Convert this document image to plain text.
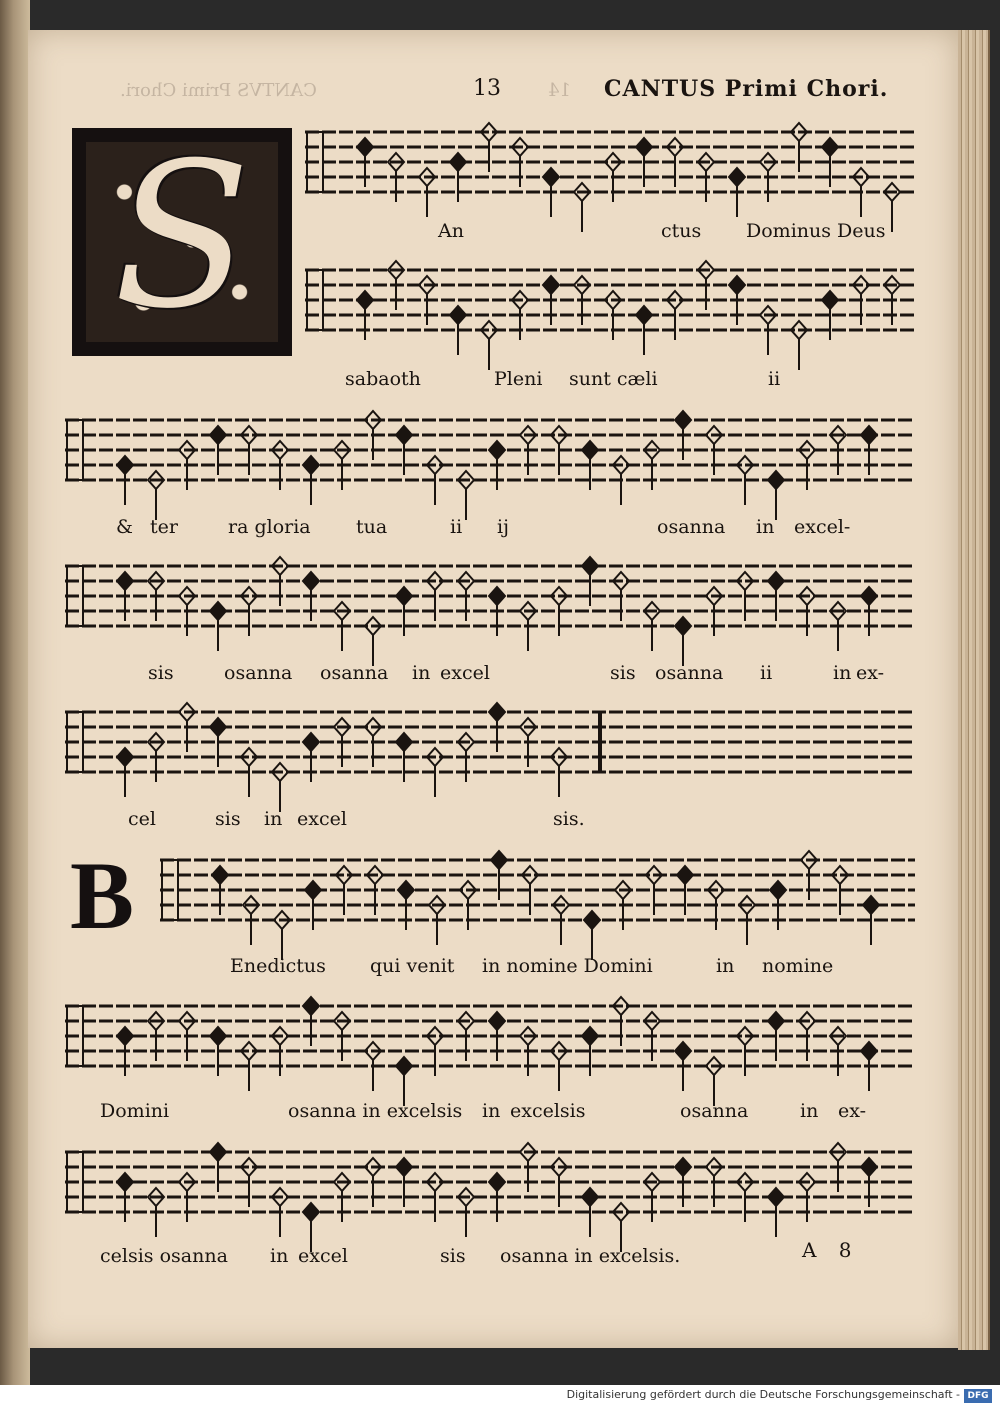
14
CANTVS Primi Chori.	13	CANTUS Primi Chori.
S
B
An	ctus Dominus Deus
sabaoth	Pleni sunt cæli	ii
& ter	ra gloria tua	ii ij	osanna in excel-
sis	osanna osanna in excel	sis osanna ii	in ex-
cel	sis in excel	sis.
Enedictus qui venit in nomine Domini	in nomine
Domini	osanna in excelsis in excelsis	osanna	in ex-
celsis osanna in excel	sis osanna in excelsis.	A 8
Digitalisierung gefördert durch die Deutsche Forschungsgemeinschaft - DFG
